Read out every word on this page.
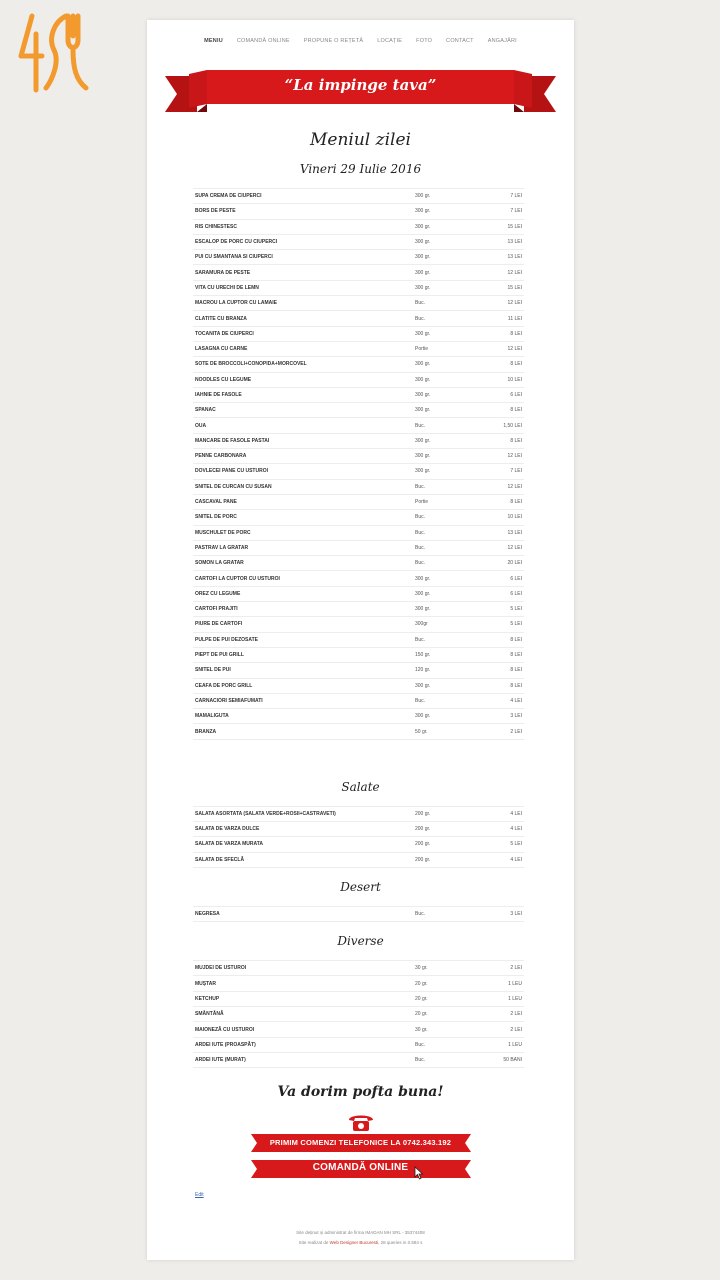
MENIU	COMANDĂ ONLINE	PROPUNE O REȚETĂ	LOCAȚIE	FOTO	CONTACT	ANGAJĂRI
“La impinge tava”
Meniul zilei
Vineri 29 Iulie 2016
SUPA CREMA DE CIUPERCI	300 gr.	7 LEI
BORS DE PESTE	300 gr.	7 LEI
RIS CHINESTESC	300 gr.	15 LEI
ESCALOP DE PORC CU CIUPERCI	300 gr.	13 LEI
PUI CU SMANTANA SI CIUPERCI	300 gr.	13 LEI
SARAMURA DE PESTE	300 gr.	12 LEI
VITA CU URECHI DE LEMN	300 gr.	15 LEI
MACROU LA CUPTOR CU LAMAIE	Buc.	12 LEI
CLATITE CU BRANZA	Buc.	11 LEI
TOCANITA DE CIUPERCI	300 gr.	8 LEI
LASAGNA CU CARNE	Portie	12 LEI
SOTE DE BROCCOLI+CONOPIDA+MORCOVEL	300 gr.	8 LEI
NOODLES CU LEGUME	300 gr.	10 LEI
IAHNIE DE FASOLE	300 gr.	6 LEI
SPANAC	300 gr.	8 LEI
OUA	Buc.	1,50 LEI
MANCARE DE FASOLE PASTAI	300 gr.	8 LEI
PENNE CARBONARA	300 gr.	12 LEI
DOVLECEI PANE CU USTUROI	300 gr.	7 LEI
SNITEL DE CURCAN CU SUSAN	Buc.	12 LEI
CASCAVAL PANE	Portie	8 LEI
SNITEL DE PORC	Buc.	10 LEI
MUSCHULET DE PORC	Buc.	13 LEI
PASTRAV LA GRATAR	Buc.	12 LEI
SOMON LA GRATAR	Buc.	20 LEI
CARTOFI LA CUPTOR CU USTUROI	300 gr.	6 LEI
OREZ CU LEGUME	300 gr.	6 LEI
CARTOFI PRAJITI	300 gr.	5 LEI
PIURE DE CARTOFI	300gr	5 LEI
PULPE DE PUI DEZOSATE	Buc.	8 LEI
PIEPT DE PUI GRILL	150 gr.	8 LEI
SNITEL DE PUI	120 gr.	8 LEI
CEAFA DE PORC GRILL	300 gr.	8 LEI
CARNACIORI SEMIAFUMATI	Buc.	4 LEI
MAMALIGUTA	300 gr.	3 LEI
BRANZA	50 gr.	2 LEI
Salate
SALATA ASORTATA (SALATA VERDE+ROSII+CASTRAVETI)	200 gr.	4 LEI
SALATA DE VARZA DULCE	200 gr.	4 LEI
SALATA DE VARZA MURATA	200 gr.	5 LEI
SALATA DE SFECLĂ	200 gr.	4 LEI
Desert
NEGRESA	Buc.	3 LEI
Diverse
MUJDEI DE USTUROI	30 gr.	2 LEI
MUȘTAR	20 gr.	1 LEU
KETCHUP	20 gr.	1 LEU
SMÂNTÂNĂ	20 gr.	2 LEI
MAIONEZĂ CU USTUROI	30 gr.	2 LEI
ARDEI IUTE (PROASPĂT)	Buc.	1 LEU
ARDEI IUTE (MURAT)	Buc.	50 BANI
Va dorim pofta buna!
PRIMIM COMENZI TELEFONICE LA 0742.343.192
COMANDĂ ONLINE
Edit
Site deținut și administrat de firma IMADAN MH SRL - 35374408
Site realizat de Web Designer Bucuresti, 28 queries in 0.584 s
